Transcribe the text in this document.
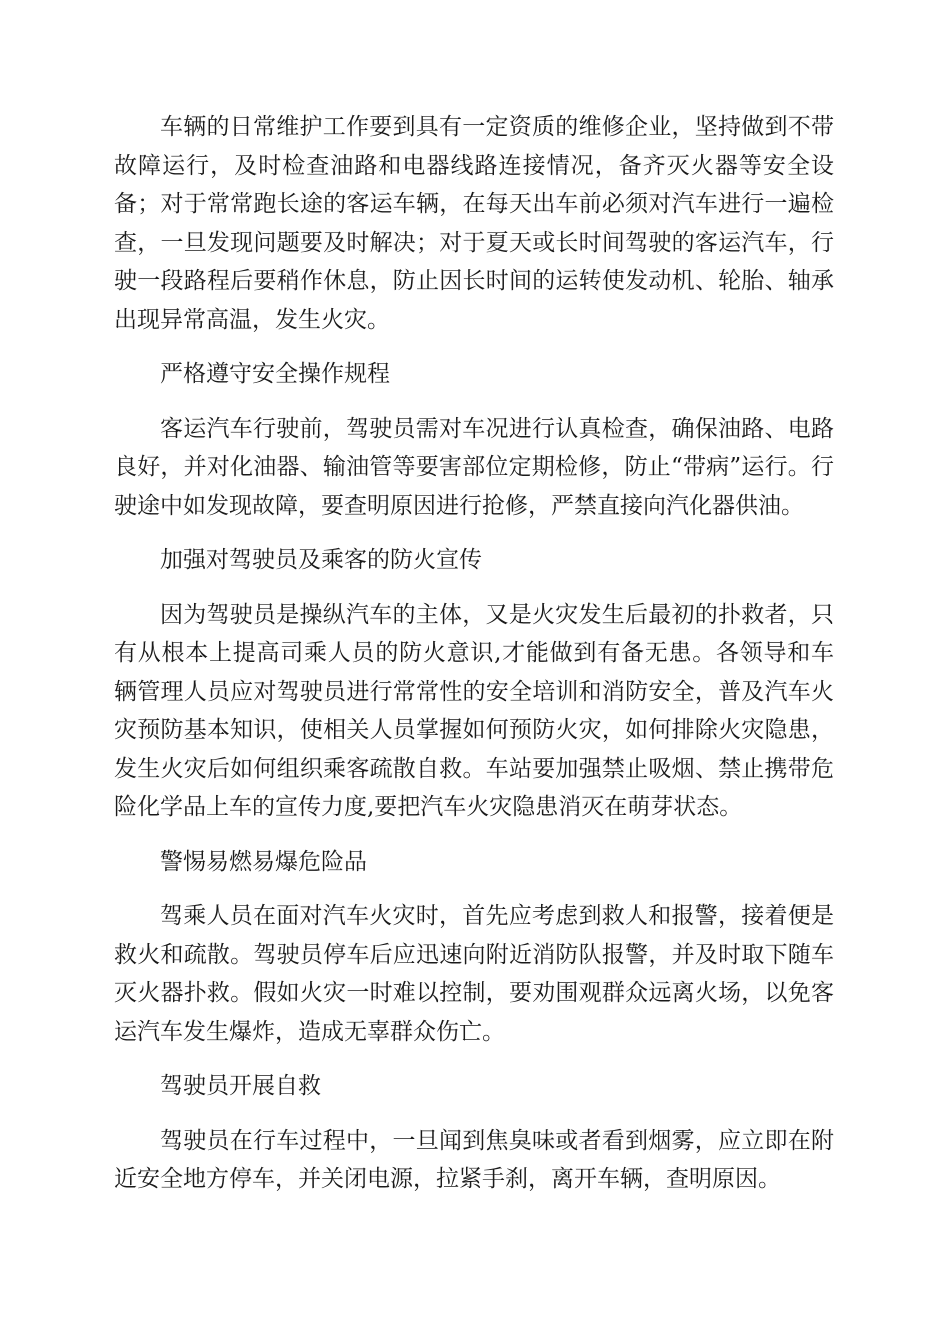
车辆的日常维护工作要到具有一定资质的维修企业，坚持做到不带故障运行，及时检查油路和电器线路连接情况，备齐灭火器等安全设备；对于常常跑长途的客运车辆，在每天出车前必须对汽车进行一遍检查，一旦发现问题要及时解决；对于夏天或长时间驾驶的客运汽车，行驶一段路程后要稍作休息，防止因长时间的运转使发动机、轮胎、轴承出现异常高温，发生火灾。

严格遵守安全操作规程

客运汽车行驶前，驾驶员需对车况进行认真检查，确保油路、电路良好，并对化油器、输油管等要害部位定期检修，防止“带病”运行。行驶途中如发现故障，要查明原因进行抢修，严禁直接向汽化器供油。

加强对驾驶员及乘客的防火宣传

因为驾驶员是操纵汽车的主体，又是火灾发生后最初的扑救者，只有从根本上提高司乘人员的防火意识,才能做到有备无患。各领导和车辆管理人员应对驾驶员进行常常性的安全培训和消防安全，普及汽车火灾预防基本知识，使相关人员掌握如何预防火灾，如何排除火灾隐患，发生火灾后如何组织乘客疏散自救。车站要加强禁止吸烟、禁止携带危险化学品上车的宣传力度,要把汽车火灾隐患消灭在萌芽状态。

警惕易燃易爆危险品

驾乘人员在面对汽车火灾时，首先应考虑到救人和报警，接着便是救火和疏散。驾驶员停车后应迅速向附近消防队报警，并及时取下随车灭火器扑救。假如火灾一时难以控制，要劝围观群众远离火场，以免客运汽车发生爆炸，造成无辜群众伤亡。

驾驶员开展自救

驾驶员在行车过程中，一旦闻到焦臭味或者看到烟雾，应立即在附近安全地方停车，并关闭电源，拉紧手刹，离开车辆，查明原因。
